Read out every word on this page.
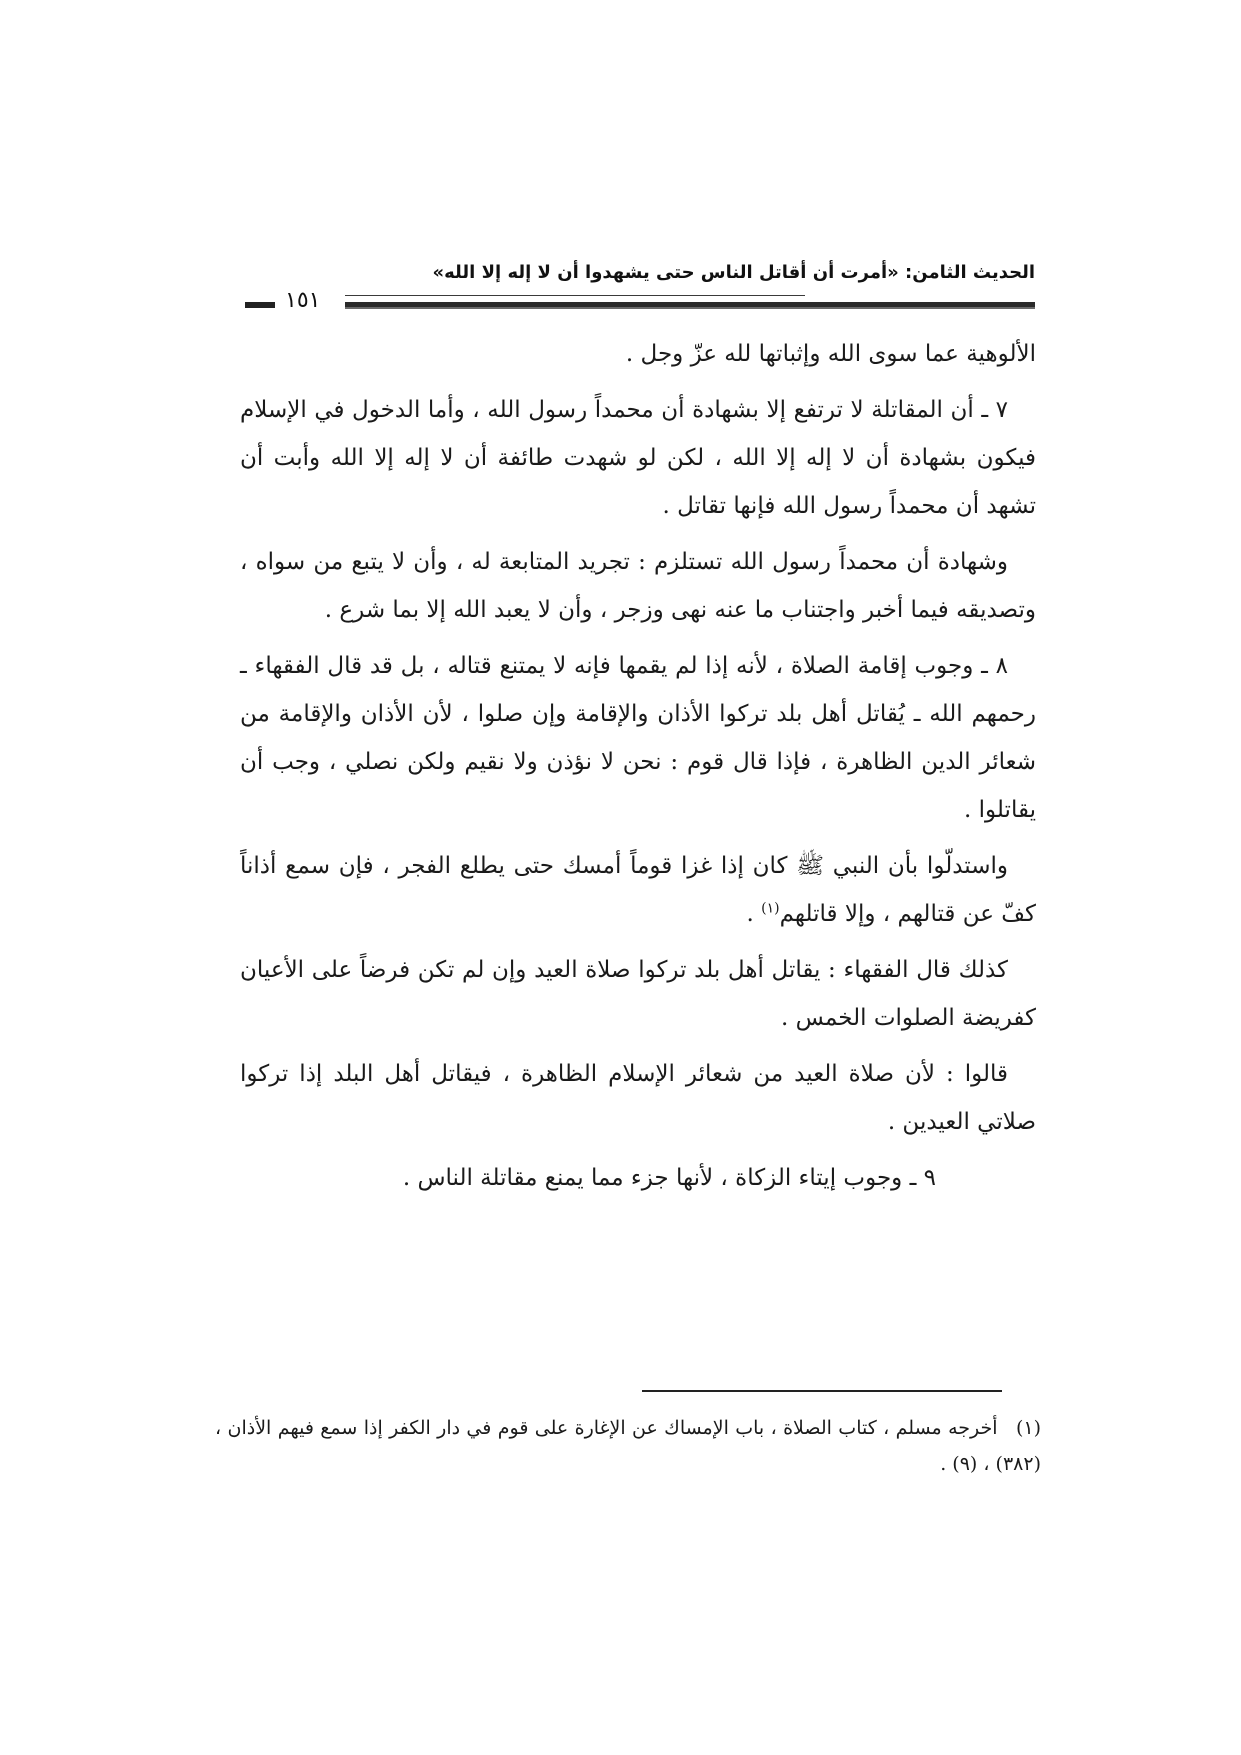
الحديث الثامن: «أمرت أن أقاتل الناس حتى يشهدوا أن لا إله إلا الله»
١٥١

الألوهية عما سوى الله وإثباتها لله عزّ وجل .

٧ ـ أن المقاتلة لا ترتفع إلا بشهادة أن محمداً رسول الله ، وأما الدخول في الإسلام فيكون بشهادة أن لا إله إلا الله ، لكن لو شهدت طائفة أن لا إله إلا الله وأبت أن تشهد أن محمداً رسول الله فإنها تقاتل .

وشهادة أن محمداً رسول الله تستلزم : تجريد المتابعة له ، وأن لا يتبع من سواه ، وتصديقه فيما أخبر واجتناب ما عنه نهى وزجر ، وأن لا يعبد الله إلا بما شرع .

٨ ـ وجوب إقامة الصلاة ، لأنه إذا لم يقمها فإنه لا يمتنع قتاله ، بل قد قال الفقهاء ـ رحمهم الله ـ يُقاتل أهل بلد تركوا الأذان والإقامة وإن صلوا ، لأن الأذان والإقامة من شعائر الدين الظاهرة ، فإذا قال قوم : نحن لا نؤذن ولا نقيم ولكن نصلي ، وجب أن يقاتلوا .

واستدلّوا بأن النبي ﷺ كان إذا غزا قوماً أمسك حتى يطلع الفجر ، فإن سمع أذاناً كفّ عن قتالهم ، وإلا قاتلهم$^{(١)}$ .

كذلك قال الفقهاء : يقاتل أهل بلد تركوا صلاة العيد وإن لم تكن فرضاً على الأعيان كفريضة الصلوات الخمس .

قالوا : لأن صلاة العيد من شعائر الإسلام الظاهرة ، فيقاتل أهل البلد إذا تركوا صلاتي العيدين .

٩ ـ وجوب إيتاء الزكاة ، لأنها جزء مما يمنع مقاتلة الناس .

(١) أخرجه مسلم ، كتاب الصلاة ، باب الإمساك عن الإغارة على قوم في دار الكفر إذا سمع فيهم الأذان ، (٣٨٢) ، (٩) .
